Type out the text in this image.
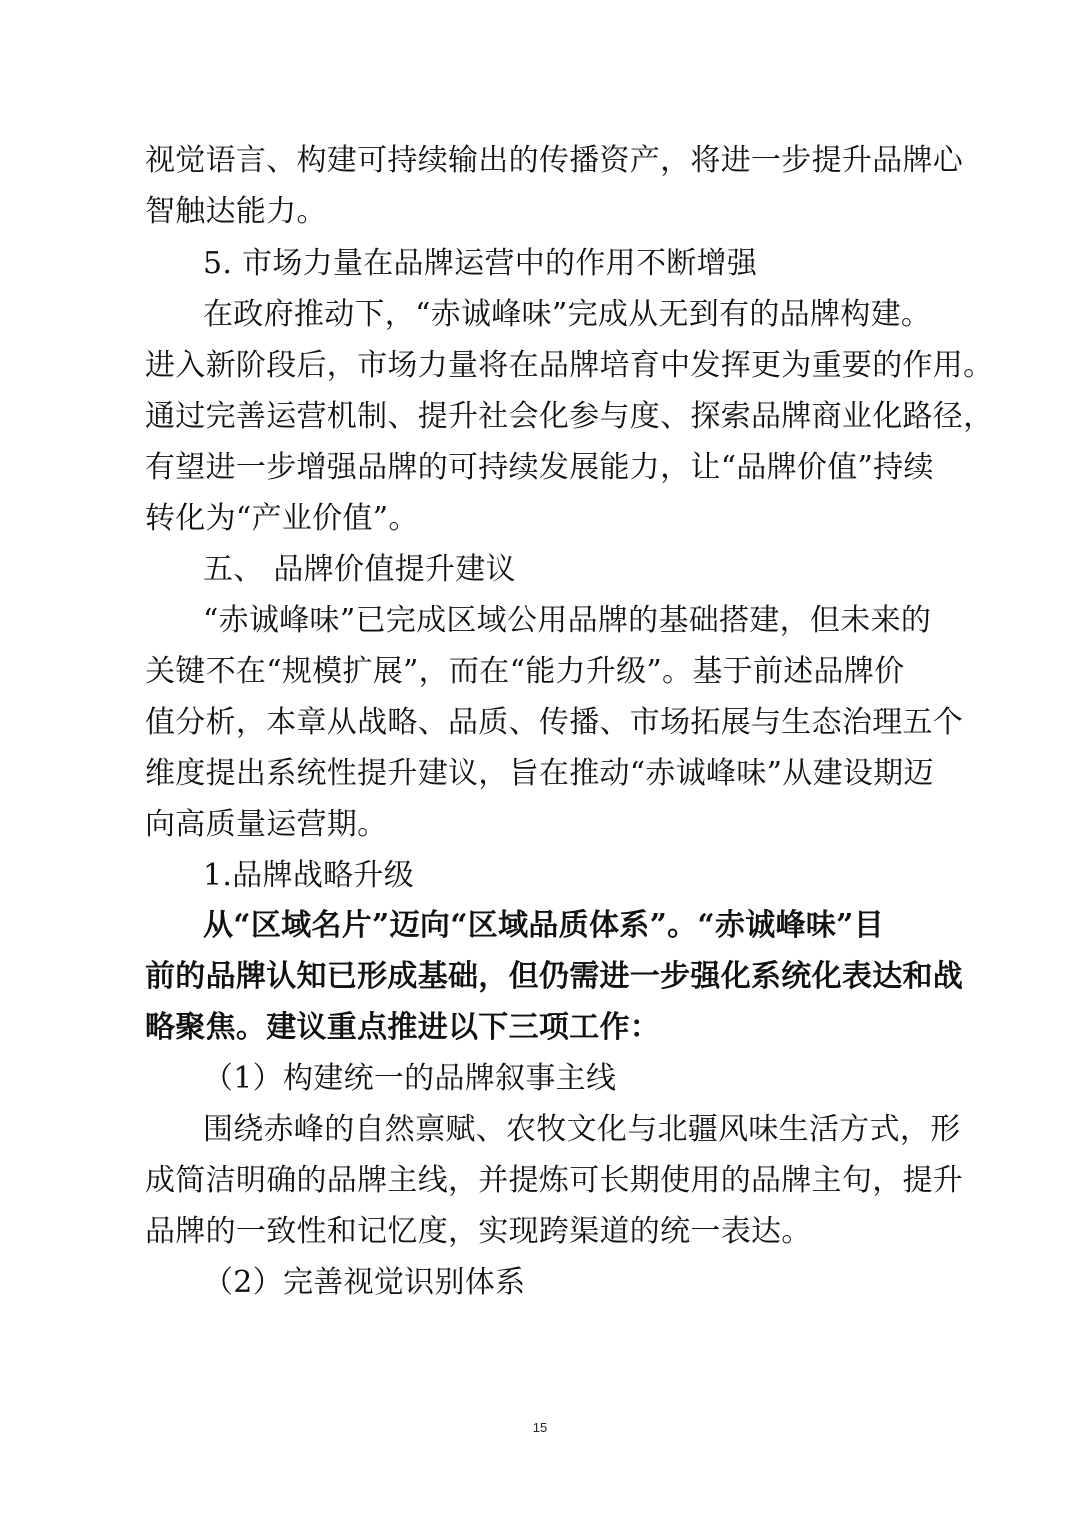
视觉语言、构建可持续输出的传播资产，将进一步提升品牌心
智触达能力。
5. 市场力量在品牌运营中的作用不断增强
在政府推动下，“赤诚峰味”完成从无到有的品牌构建。
进入新阶段后，市场力量将在品牌培育中发挥更为重要的作用。
通过完善运营机制、提升社会化参与度、探索品牌商业化路径，
有望进一步增强品牌的可持续发展能力，让“品牌价值”持续
转化为“产业价值”。
五、 品牌价值提升建议
“赤诚峰味”已完成区域公用品牌的基础搭建，但未来的
关键不在“规模扩展”，而在“能力升级”。基于前述品牌价
值分析，本章从战略、品质、传播、市场拓展与生态治理五个
维度提出系统性提升建议，旨在推动“赤诚峰味”从建设期迈
向高质量运营期。
1.品牌战略升级
从“区域名片”迈向“区域品质体系”。“赤诚峰味”目
前的品牌认知已形成基础，但仍需进一步强化系统化表达和战
略聚焦。建议重点推进以下三项工作：
（1）构建统一的品牌叙事主线
围绕赤峰的自然禀赋、农牧文化与北疆风味生活方式，形
成简洁明确的品牌主线，并提炼可长期使用的品牌主句，提升
品牌的一致性和记忆度，实现跨渠道的统一表达。
（2）完善视觉识别体系
15
